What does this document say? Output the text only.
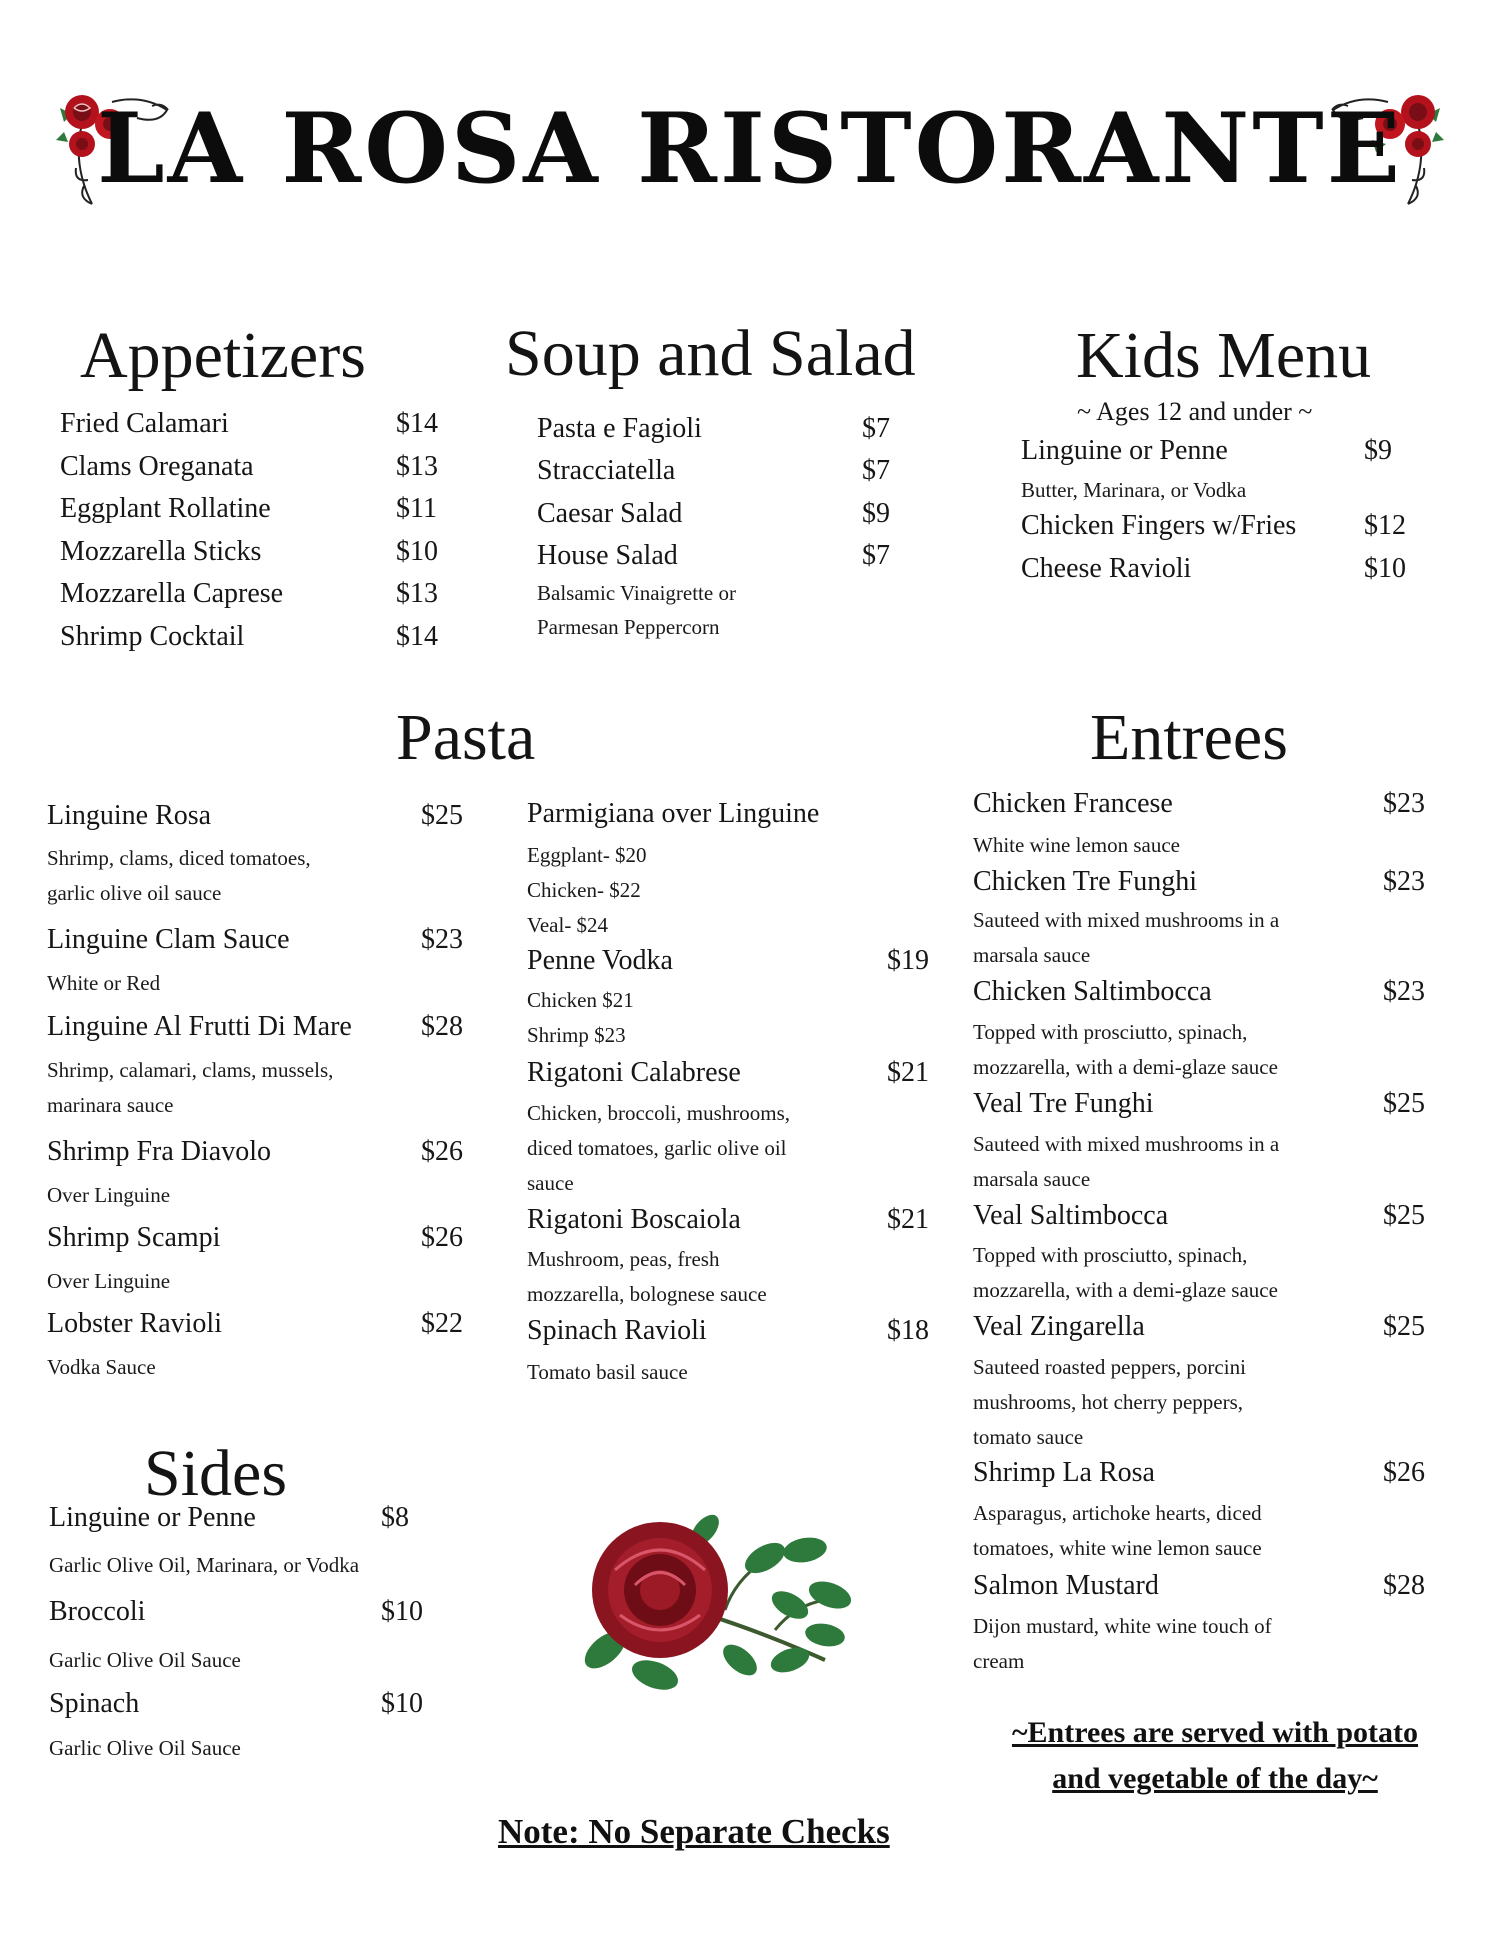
LA ROSA RISTORANTE
Appetizers Soup and Salad Kids Menu
~ Ages 12 and under ~
Pasta	Entrees
Sides
Fried Calamari	$14
Clams Oreganata	$13
Eggplant Rollatine	$11
Mozzarella Sticks	$10
Mozzarella Caprese	$13
Shrimp Cocktail	$14
Pasta e Fagioli	$7
Stracciatella	$7
Caesar Salad	$9
House Salad	$7
Balsamic Vinaigrette or
Parmesan Peppercorn
Linguine or Penne	$9
Butter, Marinara, or Vodka
Chicken Fingers w/Fries $12
Cheese Ravioli	$10
Linguine Rosa	$25
Shrimp, clams, diced tomatoes,
garlic olive oil sauce
Linguine Clam Sauce	$23
White or Red
Linguine Al Frutti Di Mare $28
Shrimp, calamari, clams, mussels,
marinara sauce
Shrimp Fra Diavolo	$26
Over Linguine
Shrimp Scampi	$26
Over Linguine
Lobster Ravioli	$22
Vodka Sauce
Parmigiana over Linguine
Eggplant- $20
Chicken- $22
Veal- $24
Penne Vodka	$19
Chicken $21
Shrimp $23
Rigatoni Calabrese	$21
Chicken, broccoli, mushrooms,
diced tomatoes, garlic olive oil
sauce
Rigatoni Boscaiola	$21
Mushroom, peas, fresh
mozzarella, bolognese sauce
Spinach Ravioli	$18
Tomato basil sauce
Chicken Francese	$23
White wine lemon sauce
Chicken Tre Funghi	$23
Sauteed with mixed mushrooms in a
marsala sauce
Chicken Saltimbocca	$23
Topped with prosciutto, spinach,
mozzarella, with a demi-glaze sauce
Veal Tre Funghi	$25
Sauteed with mixed mushrooms in a
marsala sauce
Veal Saltimbocca	$25
Topped with prosciutto, spinach,
mozzarella, with a demi-glaze sauce
Veal Zingarella	$25
Sauteed roasted peppers, porcini
mushrooms, hot cherry peppers,
tomato sauce
Shrimp La Rosa	$26
Asparagus, artichoke hearts, diced
tomatoes, white wine lemon sauce
Salmon Mustard	$28
Dijon mustard, white wine touch of
cream
Linguine or Penne	$8
Garlic Olive Oil, Marinara, or Vodka
Broccoli	$10
Garlic Olive Oil Sauce
Spinach	$10
Garlic Olive Oil Sauce	~Entrees are served with potato
and vegetable of the day~
Note: No Separate Checks
